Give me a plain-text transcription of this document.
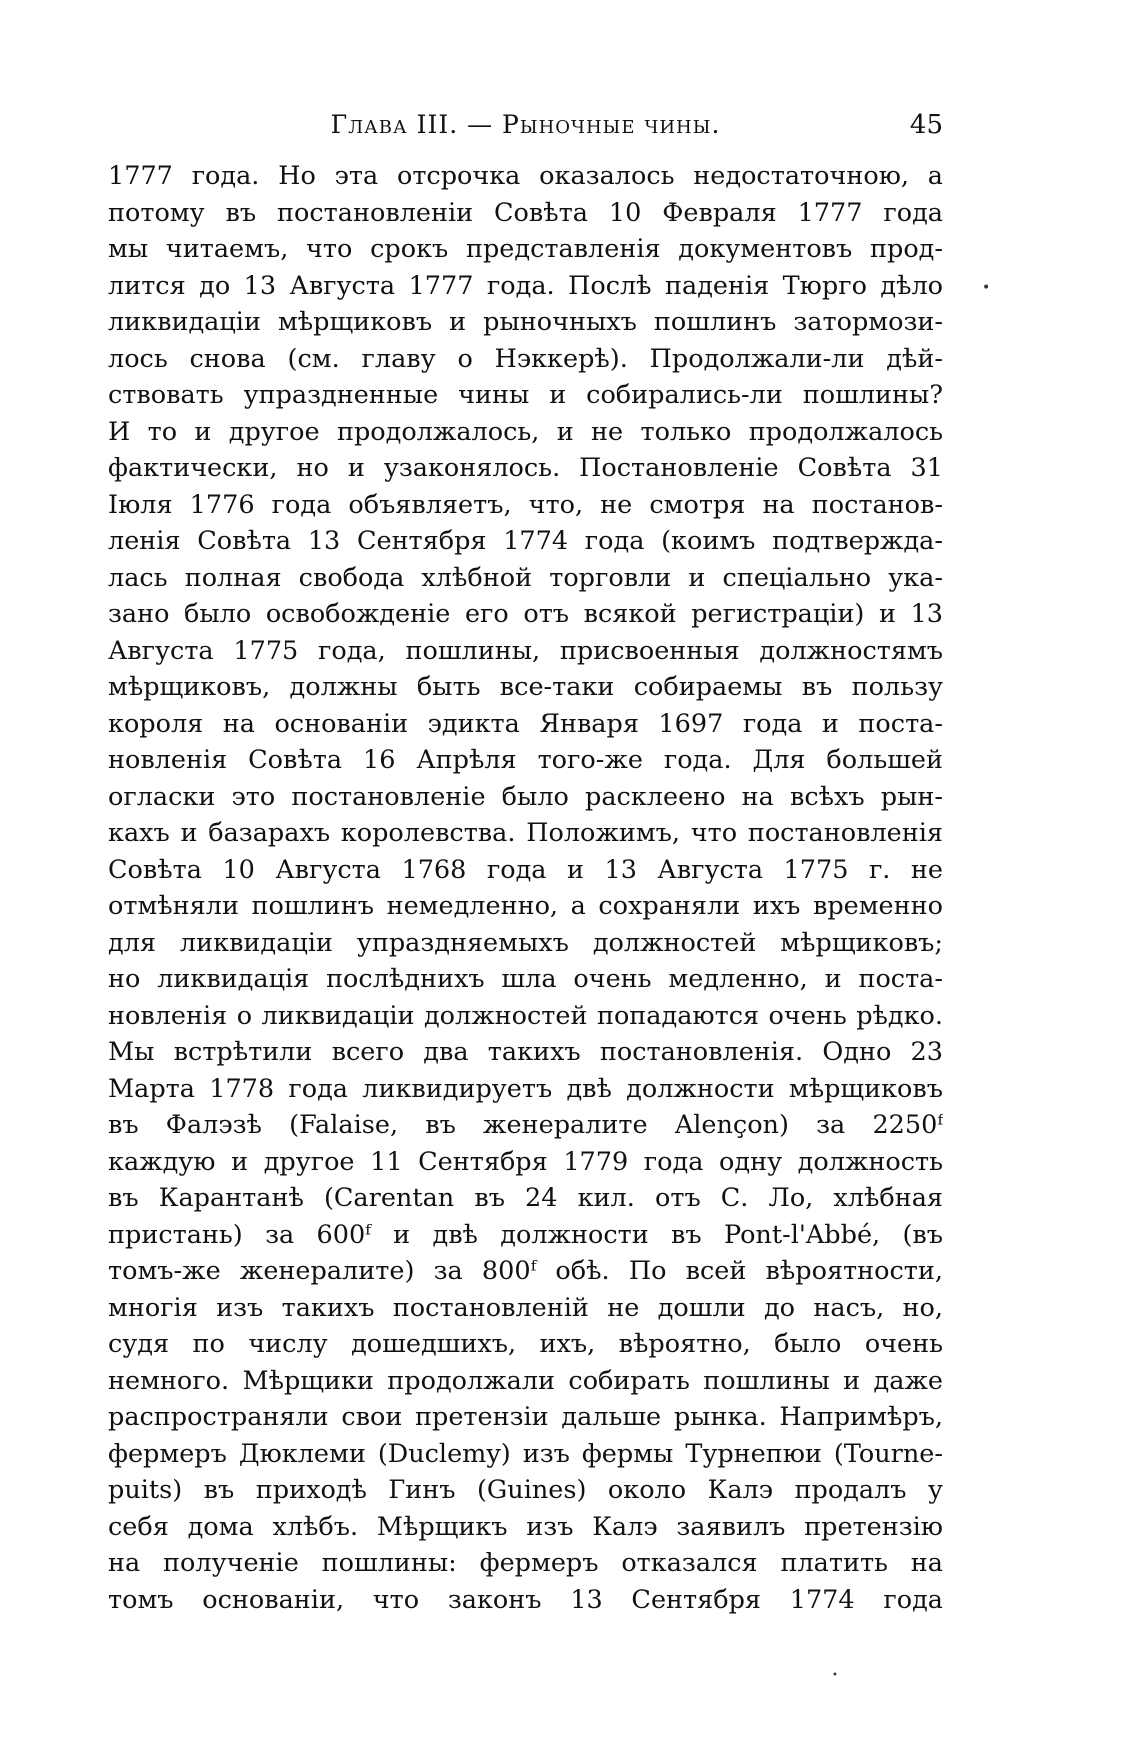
Глава III. — Рыночные чины.	45
1777 года. Но эта отсрочка оказалось недостаточною, а
потому въ постановленіи Совѣта 10 Февраля 1777 года
мы читаемъ, что срокъ представленія документовъ прод-
лится до 13 Августа 1777 года. Послѣ паденія Тюрго дѣло
ликвидаціи мѣрщиковъ и рыночныхъ пошлинъ затормози-
лось снова (см. главу о Нэккерѣ). Продолжали-ли дѣй-
ствовать упраздненные чины и собирались-ли пошлины?
И то и другое продолжалось, и не только продолжалось
фактически, но и узаконялось. Постановленіе Совѣта 31
Іюля 1776 года объявляетъ, что, не смотря на постанов-
ленія Совѣта 13 Сентября 1774 года (коимъ подтверждa-
лась полная свобода хлѣбной торговли и спеціально ука-
зано было освобожденіе его отъ всякой регистраціи) и 13
Августа 1775 года, пошлины, присвоенныя должностямъ
мѣрщиковъ, должны быть все-таки собираемы въ пользу
короля на основаніи эдикта Января 1697 года и поста-
новленія Совѣта 16 Апрѣля того-же года. Для большей
огласки это постановленіе было расклеено на всѣхъ рын-
кахъ и базарахъ королевства. Положимъ, что постановленія
Совѣта 10 Августа 1768 года и 13 Августа 1775 г. не
отмѣняли пошлинъ немедленно, а сохраняли ихъ временно
для ликвидаціи упраздняемыхъ должностей мѣрщиковъ;
но ликвидація послѣднихъ шла очень медленно, и поста-
новленія о ликвидаціи должностей попадаются очень рѣдко.
Мы встрѣтили всего два такихъ постановленія. Одно 23
Марта 1778 года ликвидируетъ двѣ должности мѣрщиковъ
въ Фалэзѣ (Falaise, въ женералите Alençon) за 2250ᶠ
каждую и другое 11 Сентября 1779 года одну должность
въ Карантанѣ (Carentan въ 24 кил. отъ С. Ло, хлѣбная
пристань) за 600ᶠ и двѣ должности въ Pont-l'Abbé, (въ
томъ-же женералите) за 800ᶠ обѣ. По всей вѣроятности,
многія изъ такихъ постановленій не дошли до насъ, но,
судя по числу дошедшихъ, ихъ, вѣроятно, было очень
немного. Мѣрщики продолжали собирать пошлины и даже
распространяли свои претензіи дальше рынка. Напримѣръ,
фермеръ Дюклеми (Duclemy) изъ фермы Турнепюи (Tourne-
puits) въ приходѣ Гинъ (Guines) около Калэ продалъ у
себя дома хлѣбъ. Мѣрщикъ изъ Калэ заявилъ претензію
на полученіе пошлины: фермеръ отказался платить на
томъ основаніи, что законъ 13 Сентября 1774 года
•
•
